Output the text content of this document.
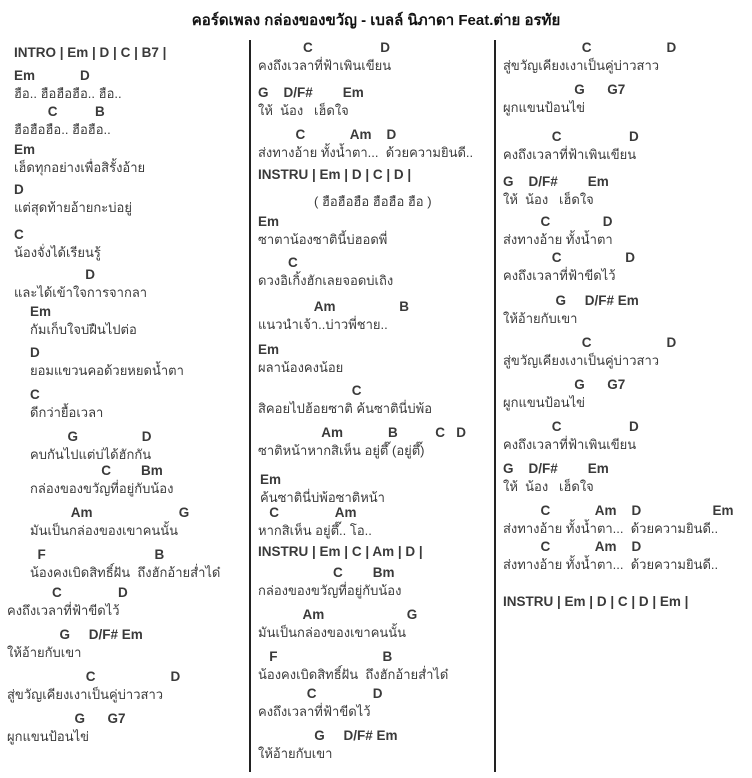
คอร์ดเพลง กล่องของขวัญ - เบลล์ นิภาดา Feat.ต่าย อรทัย
INTRO | Em | D | C | B7 |
Em            D
ฮือ.. ฮือฮือฮือ.. ฮือ..
C          B
ฮือฮือฮือ.. ฮือฮือ..
Em
เฮ็ดทุกอย่างเพื่อสิรั้งอ้าย
D
แต่สุดท้ายอ้ายกะบ่อยู่
C
น้องจั่งได้เรียนรู้
D
และได้เข้าใจการจากลา
Em
กัมเก็บใจบ่ฝืนไปต่อ
D
ยอมแขวนคอด้วยหยดน้ำตา
C
ดีกว่ายื้อเวลา
G                 D
คบกันไปแต่บ่ได้ฮักกัน
C        Bm
กล่องของขวัญที่อยู่กับน้อง
Am                       G
มันเป็นกล่องของเขาคนนั้น
F                             B
น้องคงเบิดสิทธิ์ฝัน  ถึงฮักอ้ายส่ำได๋
C               D
คงถึงเวลาที่ฟ้าขีดไว้
G     D/F# Em
ให้อ้ายกับเขา
C                    D
สู่ขวัญเคียงเงาเป็นคู่บ่าวสาว
G      G7
ผูกแขนป้อนไข่
C                  D
คงถึงเวลาที่ฟ้าเพินเขียน
G    D/F#        Em
ให้  น้อง   เฮ็ดใจ
C            Am    D
ส่งทางอ้าย ทั้งน้ำตา...  ด้วยความยินดี..
INSTRU | Em | D | C | D |
( ฮือฮือฮือ ฮือฮือ ฮือ )
Em
ซาตาน้องซาตินี้บ่ฮอดพี่
C
ดวงอิเกิ้งฮักเลยจอดบ่เถิง
Am                 B
แนวนำเจ้า..บ่าวพี่ชาย..
Em
ผลาน้องคงน้อย
C
สิคอยไปฮ้อยซาติ ค้นซาตินี่บ่พ้อ
Am            B          C   D
ซาติหน้าหากสิเห็น อยู่ตึ๊ (อยู่ตึ๊)
Em
ค้นซาตินี่บ่พ้อซาติหน้า
C               Am
หากสิเห็น อยู่ตึ๊.. โอ..
INSTRU | Em | C | Am | D |
C        Bm
กล่องของขวัญที่อยู่กับน้อง
Am                      G
มันเป็นกล่องของเขาคนนั้น
F                            B
น้องคงเบิดสิทธิ์ฝัน  ถึงฮักอ้ายส่ำได๋
C               D
คงถึงเวลาที่ฟ้าขีดไว้
G     D/F# Em
ให้อ้ายกับเขา
C                    D
สู่ขวัญเคียงเงาเป็นคู่บ่าวสาว
G      G7
ผูกแขนป้อนไข่
C                  D
คงถึงเวลาที่ฟ้าเพินเขียน
G    D/F#        Em
ให้  น้อง   เฮ็ดใจ
C              D
ส่งทางอ้าย ทั้งน้ำตา
C                 D
คงถึงเวลาที่ฟ้าขีดไว้
G     D/F# Em
ให้อ้ายกับเขา
C                    D
สู่ขวัญเคียงเงาเป็นคู่บ่าวสาว
G      G7
ผูกแขนป้อนไข่
C                  D
คงถึงเวลาที่ฟ้าเพินเขียน
G    D/F#        Em
ให้  น้อง   เฮ็ดใจ
C            Am    D                   Em
ส่งทางอ้าย ทั้งน้ำตา...  ด้วยความยินดี..
C            Am    D
ส่งทางอ้าย ทั้งน้ำตา...  ด้วยความยินดี..
INSTRU | Em | D | C | D | Em |
